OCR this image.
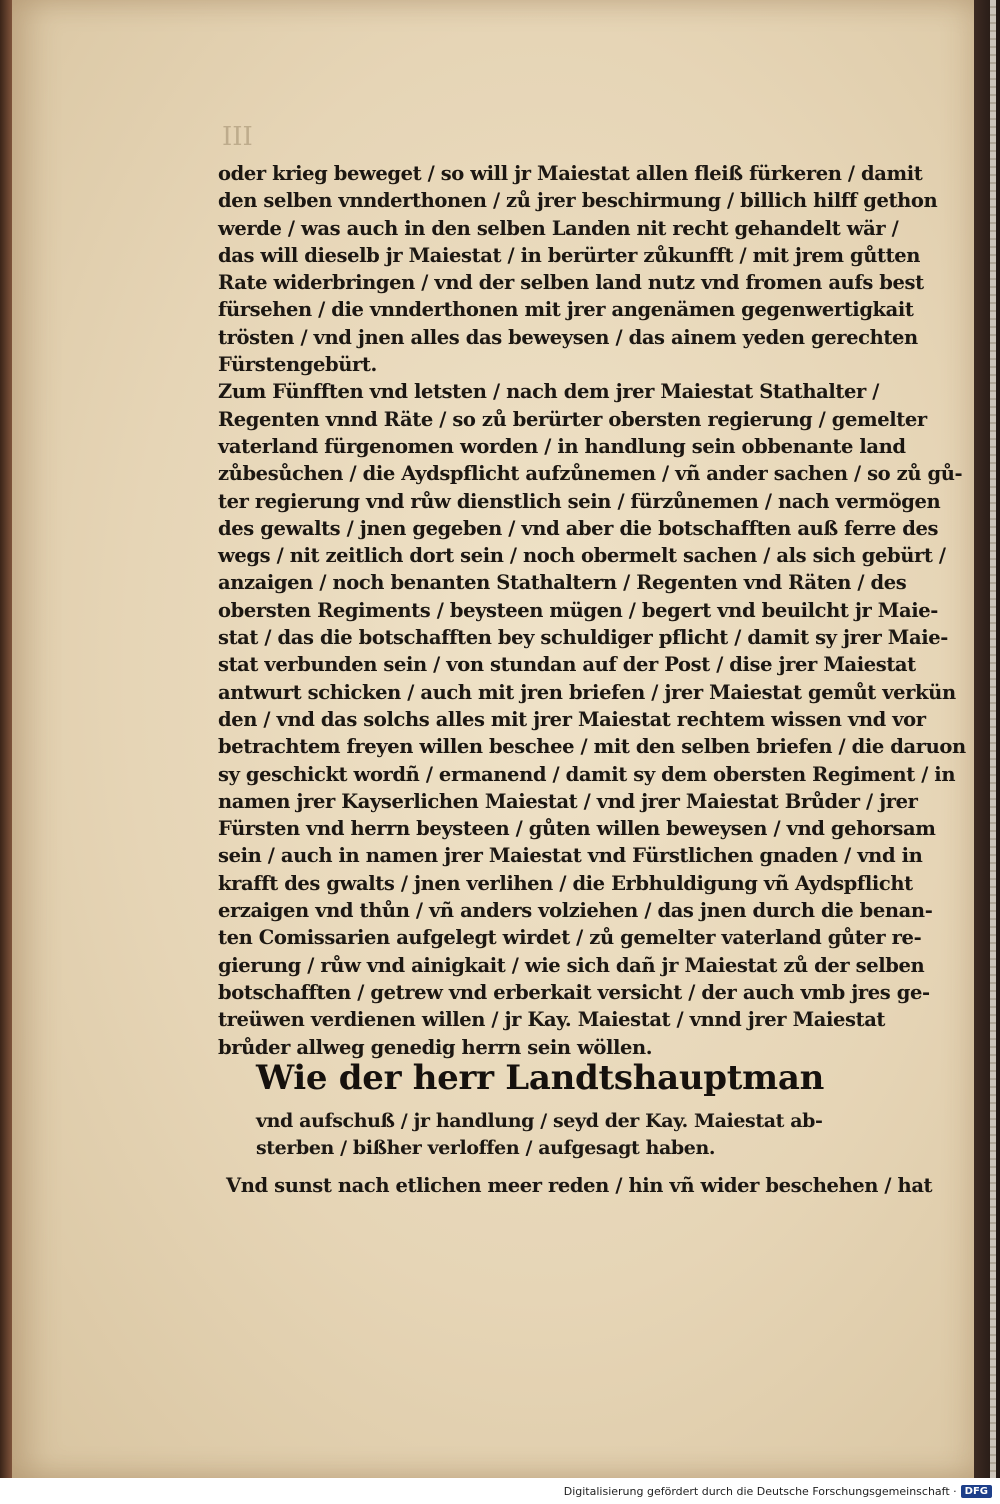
III
oder krieg beweget / so will jr Maiestat allen fleiß fürkeren / damit
den selben vnnderthonen / zů jrer beschirmung / billich hilff gethon
werde / was auch in den selben Landen nit recht gehandelt wär /
das will dieselb jr Maiestat / in berürter zůkunfft / mit jrem gůtten
Rate widerbringen / vnd der selben land nutz vnd fromen aufs best
fürsehen / die vnnderthonen mit jrer angenämen gegenwertigkait
trösten / vnd jnen alles das beweysen / das ainem yeden gerechten
Fürstengebürt.
Zum Fünfften vnd letsten / nach dem jrer Maiestat Stathalter /
Regenten vnnd Räte / so zů berürter obersten regierung / gemelter
vaterland fürgenomen worden / in handlung sein obbenante land
zůbesůchen / die Aydspflicht aufzůnemen / vñ ander sachen / so zů gů-
ter regierung vnd růw dienstlich sein / fürzůnemen / nach vermögen
des gewalts / jnen gegeben / vnd aber die botschafften auß ferre des
wegs / nit zeitlich dort sein / noch obermelt sachen / als sich gebürt /
anzaigen / noch benanten Stathaltern / Regenten vnd Räten / des
obersten Regiments / beysteen mügen / begert vnd beuilcht jr Maie-
stat / das die botschafften bey schuldiger pflicht / damit sy jrer Maie-
stat verbunden sein / von stundan auf der Post / dise jrer Maiestat
antwurt schicken / auch mit jren briefen / jrer Maiestat gemůt verkün
den / vnd das solchs alles mit jrer Maiestat rechtem wissen vnd vor
betrachtem freyen willen beschee / mit den selben briefen / die daruon
sy geschickt wordñ / ermanend / damit sy dem obersten Regiment / in
namen jrer Kayserlichen Maiestat / vnd jrer Maiestat Brůder / jrer
Fürsten vnd herrn beysteen / gůten willen beweysen / vnd gehorsam
sein / auch in namen jrer Maiestat vnd Fürstlichen gnaden / vnd in
krafft des gwalts / jnen verlihen / die Erbhuldigung vñ Aydspflicht
erzaigen vnd thůn / vñ anders volziehen / das jnen durch die benan-
ten Comissarien aufgelegt wirdet / zů gemelter vaterland gůter re-
gierung / růw vnd ainigkait / wie sich dañ jr Maiestat zů der selben
botschafften / getrew vnd erberkait versicht / der auch vmb jres ge-
treüwen verdienen willen / jr Kay. Maiestat / vnnd jrer Maiestat
brůder allweg genedig herrn sein wöllen.
Wie der herr Landtshauptman
vnd aufschuß / jr handlung / seyd der Kay. Maiestat ab-
sterben / bißher verloffen / aufgesagt haben.
Vnd sunst nach etlichen meer reden / hin vñ wider beschehen / hat
Digitalisierung gefördert durch die Deutsche Forschungsgemeinschaft · DFG
